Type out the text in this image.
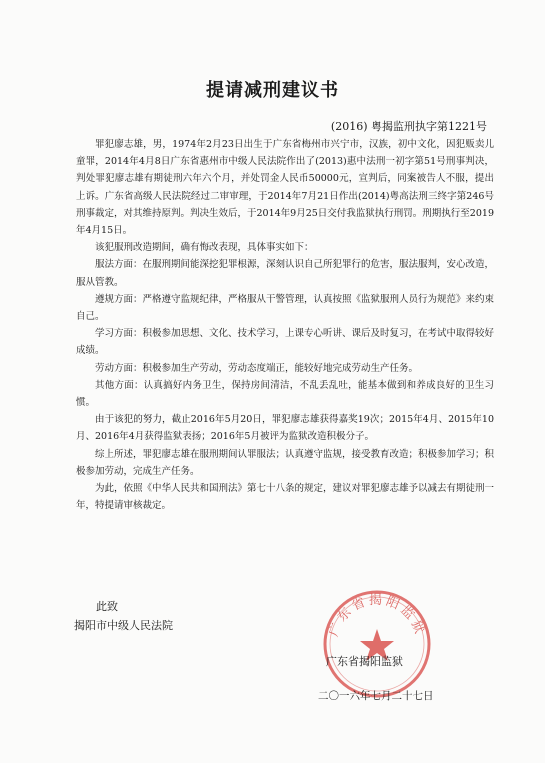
提请减刑建议书
(2016) 粤揭监刑执字第1221号

罪犯廖志雄，男，1974年2月23日出生于广东省梅州市兴宁市，汉族，初中文化，因犯贩卖儿童罪，2014年4月8日广东省惠州市中级人民法院作出了(2013)惠中法刑一初字第51号刑事判决，判处罪犯廖志雄有期徒刑六年六个月，并处罚金人民币50000元，宣判后，同案被告人不服，提出上诉。广东省高级人民法院经过二审审理，于2014年7月21日作出(2014)粤高法刑三终字第246号刑事裁定，对其维持原判。判决生效后，于2014年9月25日交付我监狱执行刑罚。刑期执行至2019年4月15日。

该犯服刑改造期间，确有悔改表现，具体事实如下：

服法方面：在服刑期间能深挖犯罪根源，深刻认识自己所犯罪行的危害，服法服判，安心改造，服从管教。

遵规方面：严格遵守监规纪律，严格服从干警管理，认真按照《监狱服刑人员行为规范》来约束自己。

学习方面：积极参加思想、文化、技术学习，上课专心听讲、课后及时复习，在考试中取得较好成绩。

劳动方面：积极参加生产劳动，劳动态度端正，能较好地完成劳动生产任务。

其他方面：认真搞好内务卫生，保持房间清洁，不乱丢乱吐，能基本做到和养成良好的卫生习惯。

由于该犯的努力，截止2016年5月20日，罪犯廖志雄获得嘉奖19次；2015年4月、2015年10月、2016年4月获得监狱表扬；2016年5月被评为监狱改造积极分子。

综上所述，罪犯廖志雄在服刑期间认罪服法；认真遵守监规，接受教育改造；积极参加学习；积极参加劳动，完成生产任务。

为此，依照《中华人民共和国刑法》第七十八条的规定，建议对罪犯廖志雄予以减去有期徒刑一年，特提请审核裁定。

此致
揭阳市中级人民法院	广东省揭阳监狱
广东省揭阳监狱
二〇一六年七月二十七日
